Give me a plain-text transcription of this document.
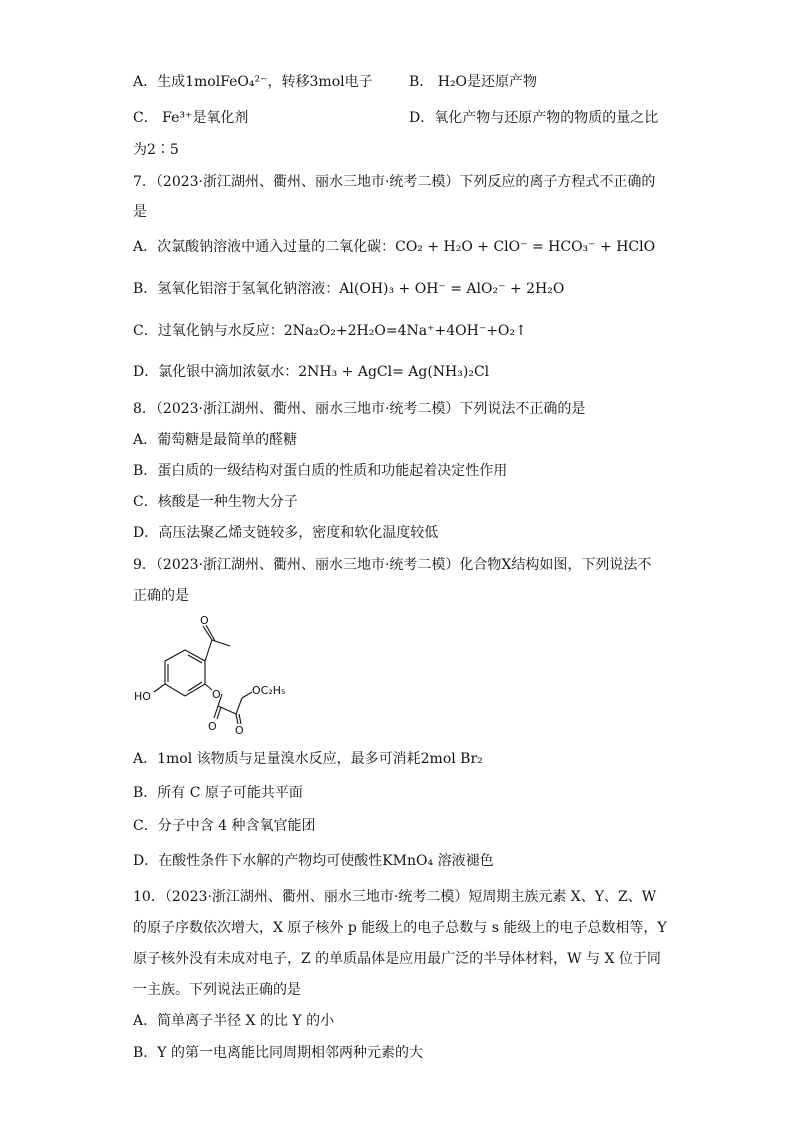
A．生成1molFeO₄²⁻，转移3mol电子	B． H₂O是还原产物
C． Fe³⁺是氧化剂	D．氧化产物与还原产物的物质的量之比
为2∶5
7．（2023·浙江湖州、衢州、丽水三地市·统考二模）下列反应的离子方程式不正确的
是
A．次氯酸钠溶液中通入过量的二氧化碳：CO₂ + H₂O + ClO⁻ = HCO₃⁻ + HClO
B．氢氧化铝溶于氢氧化钠溶液：Al(OH)₃ + OH⁻ = AlO₂⁻ + 2H₂O
C．过氧化钠与水反应：2Na₂O₂+2H₂O=4Na⁺+4OH⁻+O₂↑
D．氯化银中滴加浓氨水：2NH₃ + AgCl= Ag(NH₃)₂Cl
8．（2023·浙江湖州、衢州、丽水三地市·统考二模）下列说法不正确的是
A．葡萄糖是最简单的醛糖
B．蛋白质的一级结构对蛋白质的性质和功能起着决定性作用
C．核酸是一种生物大分子
D．高压法聚乙烯支链较多，密度和软化温度较低
9．（2023·浙江湖州、衢州、丽水三地市·统考二模）化合物X结构如图，下列说法不
正确的是
O
O
HO	OC₂H₅
O O
A．1mol 该物质与足量溴水反应，最多可消耗2mol Br₂
B．所有 C 原子可能共平面
C．分子中含 4 种含氧官能团
D．在酸性条件下水解的产物均可使酸性KMnO₄ 溶液褪色
10．（2023·浙江湖州、衢州、丽水三地市·统考二模）短周期主族元素 X、Y、Z、W
的原子序数依次增大，X 原子核外 p 能级上的电子总数与 s 能级上的电子总数相等，Y
原子核外没有未成对电子，Z 的单质晶体是应用最广泛的半导体材料，W 与 X 位于同
一主族。下列说法正确的是
A．简单离子半径 X 的比 Y 的小
B．Y 的第一电离能比同周期相邻两种元素的大
